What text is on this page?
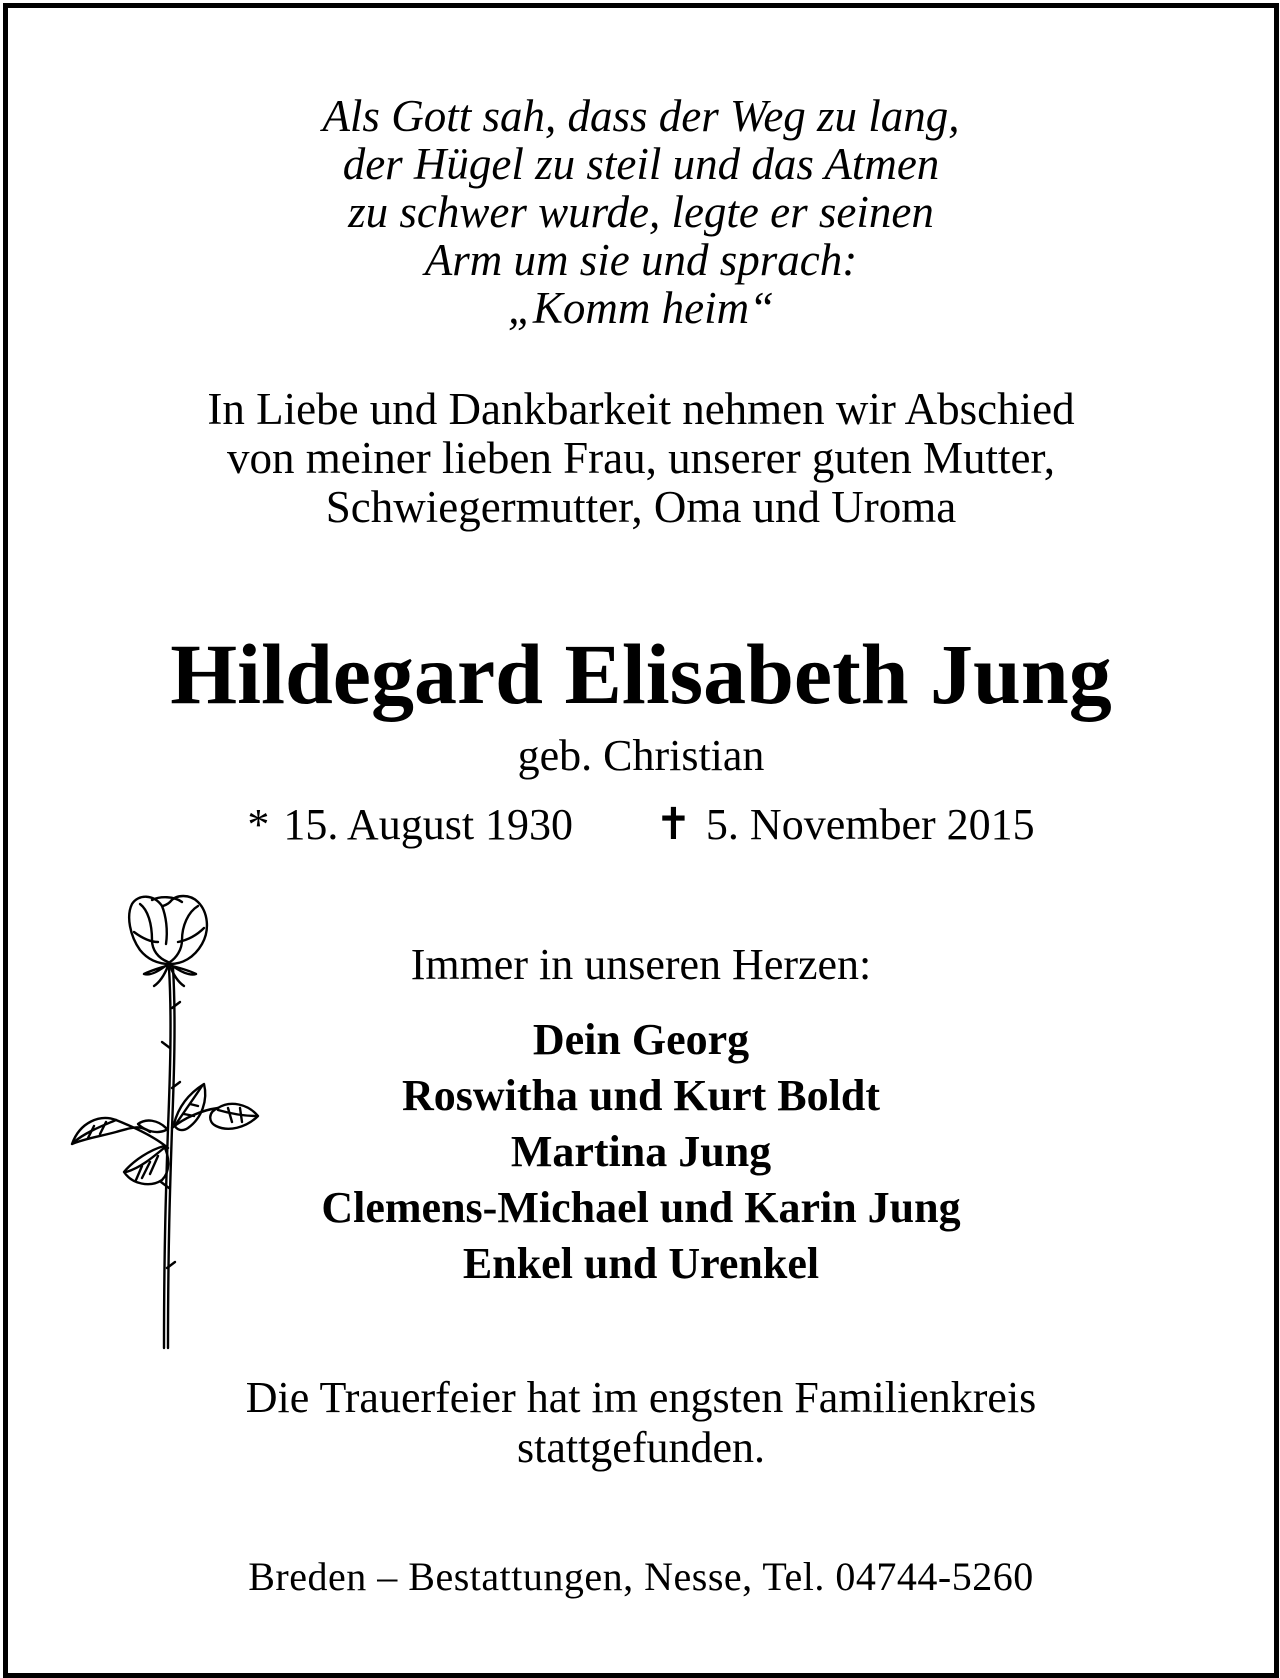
Als Gott sah, dass der Weg zu lang,
der Hügel zu steil und das Atmen
zu schwer wurde, legte er seinen
Arm um sie und sprach:
„Komm heim“
In Liebe und Dankbarkeit nehmen wir Abschied
von meiner lieben Frau, unserer guten Mutter,
Schwiegermutter, Oma und Uroma
Hildegard Elisabeth Jung
geb. Christian
* 15. August 1930 ✝ 5. November 2015
Immer in unseren Herzen:
Dein Georg
Roswitha und Kurt Boldt
Martina Jung
Clemens-Michael und Karin Jung
Enkel und Urenkel
Die Trauerfeier hat im engsten Familienkreis
stattgefunden.
Breden – Bestattungen, Nesse, Tel. 04744-5260
